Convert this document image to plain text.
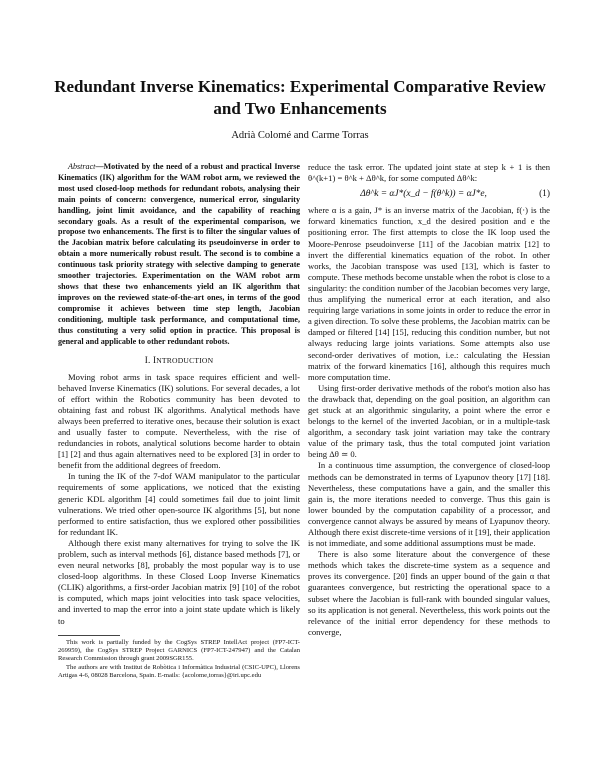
Redundant Inverse Kinematics: Experimental Comparative Review
and Two Enhancements

Adrià Colomé and Carme Torras

Abstract—Motivated by the need of a robust and practical Inverse Kinematics (IK) algorithm for the WAM robot arm, we reviewed the most used closed-loop methods for redundant robots, analysing their main points of concern: convergence, numerical error, singularity handling, joint limit avoidance, and the capability of reaching secondary goals. As a result of the experimental comparison, we propose two enhancements. The first is to filter the singular values of the Jacobian matrix before calculating its pseudoinverse in order to obtain a more numerically robust result. The second is to combine a continuous task priority strategy with selective damping to generate smoother trajectories. Experimentation on the WAM robot arm shows that these two enhancements yield an IK algorithm that improves on the reviewed state-of-the-art ones, in terms of the good compromise it achieves between time step length, Jacobian conditioning, multiple task performance, and computational time, thus constituting a very solid option in practice. This proposal is general and applicable to other redundant robots.

I. INTRODUCTION

Moving robot arms in task space requires efficient and well-behaved Inverse Kinematics (IK) solutions. For several decades, a lot of effort within the Robotics community has been devoted to obtaining fast and robust IK algorithms. Analytical methods have always been preferred to iterative ones, because their solution is exact and usually faster to compute. Nevertheless, with the rise of redundancies in robots, analytical solutions become harder to obtain [1] [2] and thus again alternatives need to be explored [3] in order to benefit from the additional degrees of freedom.

In tuning the IK of the 7-dof WAM manipulator to the particular requirements of some applications, we noticed that the existing generic KDL algorithm [4] could sometimes fail due to joint limit vulnerations. We tried other open-source IK algorithms [5], but none performed to entire satisfaction, thus we explored other possibilities for redundant IK.

Although there exist many alternatives for trying to solve the IK problem, such as interval methods [6], distance based methods [7], or even neural networks [8], probably the most popular way is to use closed-loop algorithms. In these Closed Loop Inverse Kinematics (CLIK) algorithms, a first-order Jacobian matrix [9] [10] of the robot is computed, which maps joint velocities into task space velocities, and inverted to map the error into a joint state update which is likely to

This work is partially funded by the CogSys STREP IntellAct project (FP7-ICT-269959), the CogSys STREP Project GARNICS (FP7-ICT-247947) and the Catalan Research Commission through grant 2009SGR155.

The authors are with Institut de Robòtica i Informàtica Industrial (CSIC-UPC), Llorens Artigas 4-6, 08028 Barcelona, Spain. E-mails: {acolome,torras}@iri.upc.edu

reduce the task error. The updated joint state at step k + 1 is then θ^(k+1) = θ^k + Δθ^k, for some computed Δθ^k:

Δθ^k = αJ*(x_d − f(θ^k)) = αJ*e,	(1)

where α is a gain, J* is an inverse matrix of the Jacobian, f(·) is the forward kinematics function, x_d the desired position and e the positioning error. The first attempts to close the IK loop used the Moore-Penrose pseudoinverse [11] of the Jacobian matrix [12] to invert the differential kinematics equation of the robot. In other works, the Jacobian transpose was used [13], which is faster to compute. These methods become unstable when the robot is close to a singularity: the condition number of the Jacobian becomes very large, thus amplifying the numerical error at each iteration, and also requiring large variations in some joints in order to reduce the error in a given direction. To solve these problems, the Jacobian matrix can be damped or filtered [14] [15], reducing this condition number, but not always reducing large joints variations. Some attempts also use second-order derivatives of motion, i.e.: calculating the Hessian matrix of the forward kinematics [16], although this requires much more computation time.

Using first-order derivative methods of the robot's motion also has the drawback that, depending on the goal position, an algorithm can get stuck at an algorithmic singularity, a point where the error e belongs to the kernel of the inverted Jacobian, or in a multiple-task algorithm, a secondary task joint variation may take the contrary value of the primary task, thus the total computed joint variation being Δθ ≃ 0.

In a continuous time assumption, the convergence of closed-loop methods can be demonstrated in terms of Lyapunov theory [17] [18]. Nevertheless, these computations have a gain, and the smaller this gain is, the more iterations needed to converge. Thus this gain is lower bounded by the computation capability of a processor, and convergence cannot always be assured by means of Lyapunov theory. Although there exist discrete-time versions of it [19], their application is not immediate, and some additional assumptions must be made.

There is also some literature about the convergence of these methods which takes the discrete-time system as a sequence and proves its convergence. [20] finds an upper bound of the gain α that guarantees convergence, but restricting the operational space to a subset where the Jacobian is full-rank with bounded singular values, so its application is not general. Nevertheless, this work points out the relevance of the initial error dependency for these methods to converge,
